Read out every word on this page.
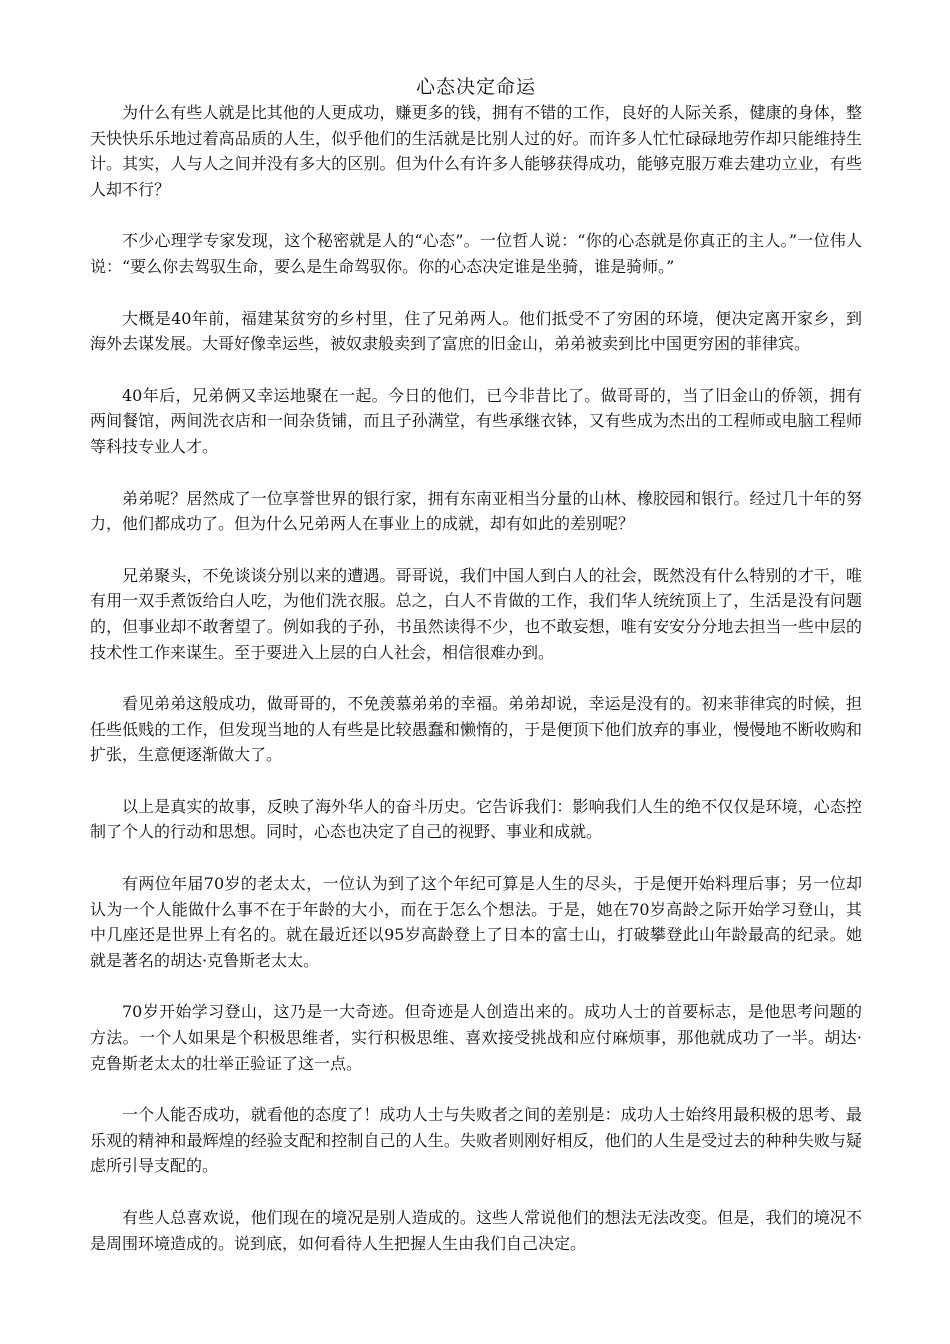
心态决定命运

为什么有些人就是比其他的人更成功，赚更多的钱，拥有不错的工作，良好的人际关系，健康的身体，整天快快乐乐地过着高品质的人生，似乎他们的生活就是比别人过的好。而许多人忙忙碌碌地劳作却只能维持生计。其实，人与人之间并没有多大的区别。但为什么有许多人能够获得成功，能够克服万难去建功立业，有些人却不行？

不少心理学专家发现，这个秘密就是人的“心态”。一位哲人说：“你的心态就是你真正的主人。”一位伟人说：“要么你去驾驭生命，要么是生命驾驭你。你的心态决定谁是坐骑，谁是骑师。”

大概是40年前，福建某贫穷的乡村里，住了兄弟两人。他们抵受不了穷困的环境，便决定离开家乡，到海外去谋发展。大哥好像幸运些，被奴隶般卖到了富庶的旧金山，弟弟被卖到比中国更穷困的菲律宾。

40年后，兄弟俩又幸运地聚在一起。今日的他们，已今非昔比了。做哥哥的，当了旧金山的侨领，拥有两间餐馆，两间洗衣店和一间杂货铺，而且子孙满堂，有些承继衣钵，又有些成为杰出的工程师或电脑工程师等科技专业人才。

弟弟呢？居然成了一位享誉世界的银行家，拥有东南亚相当分量的山林、橡胶园和银行。经过几十年的努力，他们都成功了。但为什么兄弟两人在事业上的成就，却有如此的差别呢？

兄弟聚头，不免谈谈分别以来的遭遇。哥哥说，我们中国人到白人的社会，既然没有什么特别的才干，唯有用一双手煮饭给白人吃，为他们洗衣服。总之，白人不肯做的工作，我们华人统统顶上了，生活是没有问题的，但事业却不敢奢望了。例如我的子孙，书虽然读得不少，也不敢妄想，唯有安安分分地去担当一些中层的技术性工作来谋生。至于要进入上层的白人社会，相信很难办到。

看见弟弟这般成功，做哥哥的，不免羡慕弟弟的幸福。弟弟却说，幸运是没有的。初来菲律宾的时候，担任些低贱的工作，但发现当地的人有些是比较愚蠢和懒惰的，于是便顶下他们放弃的事业，慢慢地不断收购和扩张，生意便逐渐做大了。

以上是真实的故事，反映了海外华人的奋斗历史。它告诉我们：影响我们人生的绝不仅仅是环境，心态控制了个人的行动和思想。同时，心态也决定了自己的视野、事业和成就。

有两位年届70岁的老太太，一位认为到了这个年纪可算是人生的尽头，于是便开始料理后事；另一位却认为一个人能做什么事不在于年龄的大小，而在于怎么个想法。于是，她在70岁高龄之际开始学习登山，其中几座还是世界上有名的。就在最近还以95岁高龄登上了日本的富士山，打破攀登此山年龄最高的纪录。她就是著名的胡达·克鲁斯老太太。

70岁开始学习登山，这乃是一大奇迹。但奇迹是人创造出来的。成功人士的首要标志，是他思考问题的方法。一个人如果是个积极思维者，实行积极思维、喜欢接受挑战和应付麻烦事，那他就成功了一半。胡达·克鲁斯老太太的壮举正验证了这一点。

一个人能否成功，就看他的态度了！成功人士与失败者之间的差别是：成功人士始终用最积极的思考、最乐观的精神和最辉煌的经验支配和控制自己的人生。失败者则刚好相反，他们的人生是受过去的种种失败与疑虑所引导支配的。

有些人总喜欢说，他们现在的境况是别人造成的。这些人常说他们的想法无法改变。但是，我们的境况不是周围环境造成的。说到底，如何看待人生把握人生由我们自己决定。
